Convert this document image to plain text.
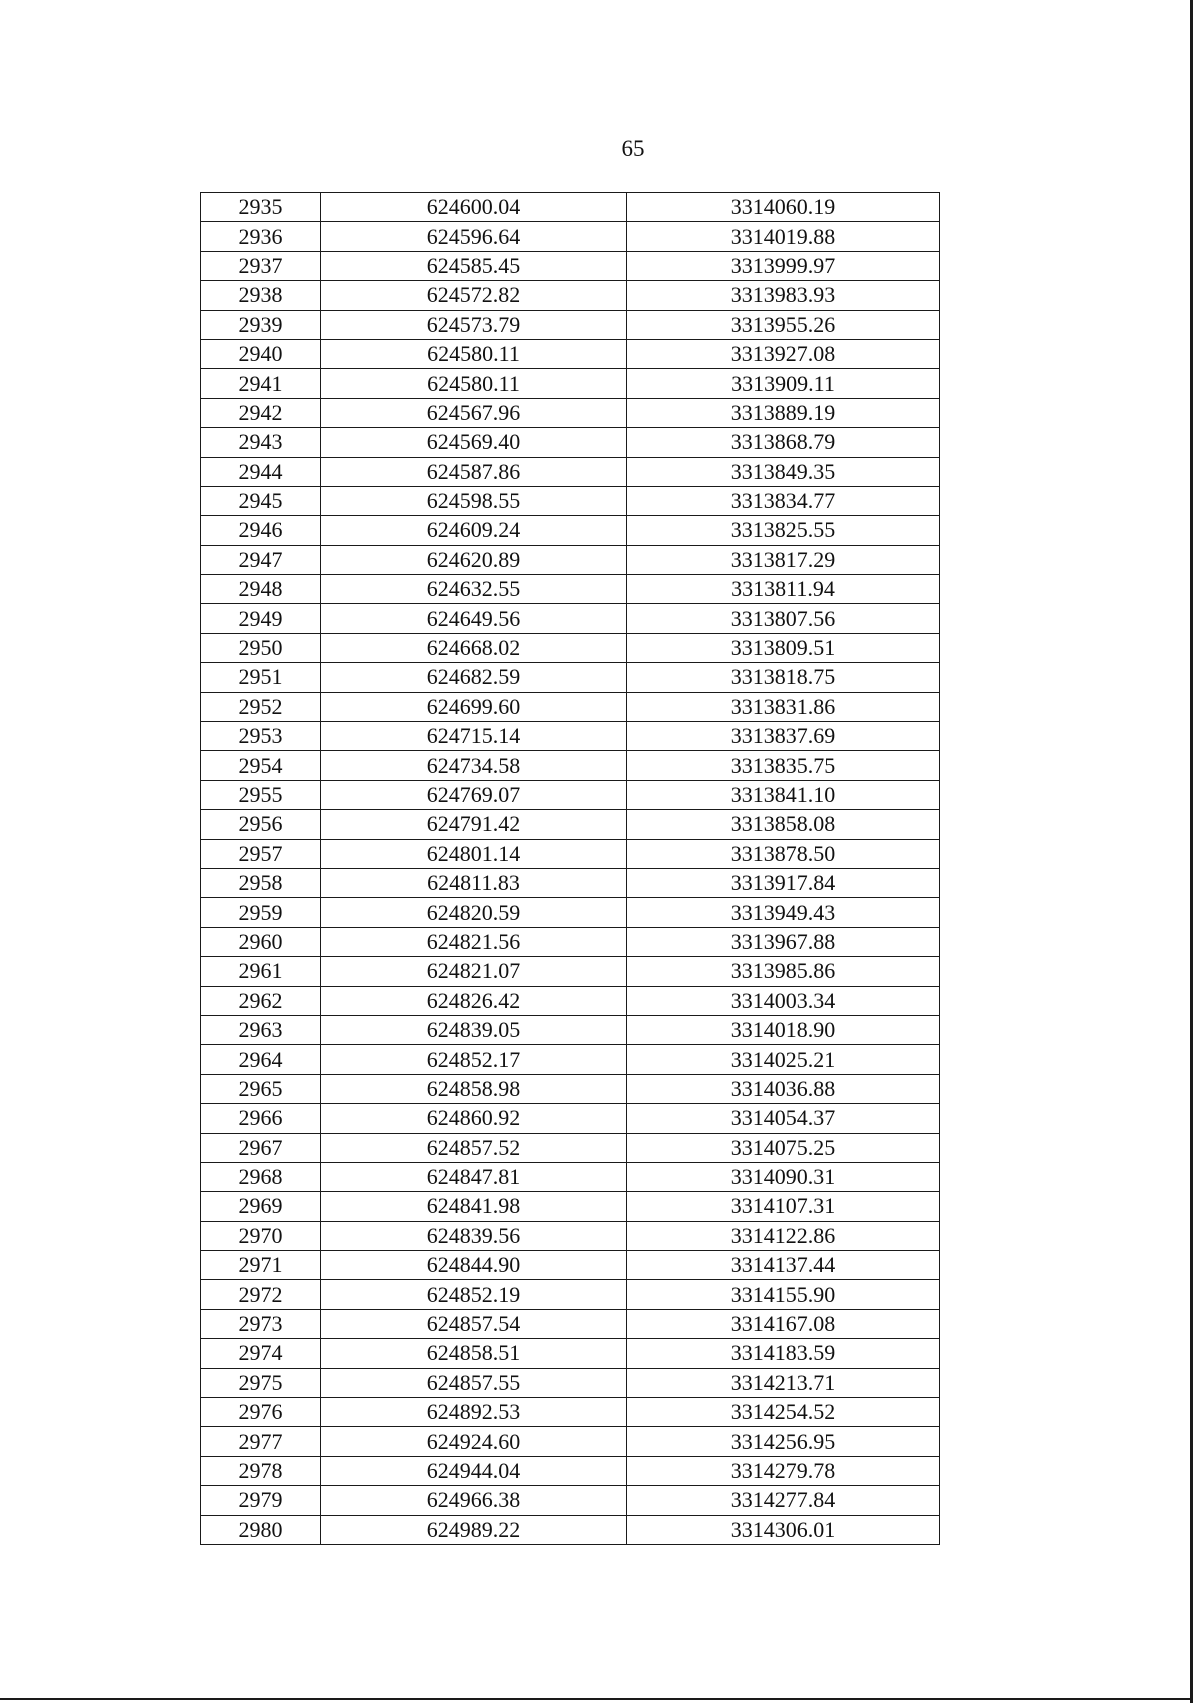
65
2935	624600.04	3314060.19
2936	624596.64	3314019.88
2937	624585.45	3313999.97
2938	624572.82	3313983.93
2939	624573.79	3313955.26
2940	624580.11	3313927.08
2941	624580.11	3313909.11
2942	624567.96	3313889.19
2943	624569.40	3313868.79
2944	624587.86	3313849.35
2945	624598.55	3313834.77
2946	624609.24	3313825.55
2947	624620.89	3313817.29
2948	624632.55	3313811.94
2949	624649.56	3313807.56
2950	624668.02	3313809.51
2951	624682.59	3313818.75
2952	624699.60	3313831.86
2953	624715.14	3313837.69
2954	624734.58	3313835.75
2955	624769.07	3313841.10
2956	624791.42	3313858.08
2957	624801.14	3313878.50
2958	624811.83	3313917.84
2959	624820.59	3313949.43
2960	624821.56	3313967.88
2961	624821.07	3313985.86
2962	624826.42	3314003.34
2963	624839.05	3314018.90
2964	624852.17	3314025.21
2965	624858.98	3314036.88
2966	624860.92	3314054.37
2967	624857.52	3314075.25
2968	624847.81	3314090.31
2969	624841.98	3314107.31
2970	624839.56	3314122.86
2971	624844.90	3314137.44
2972	624852.19	3314155.90
2973	624857.54	3314167.08
2974	624858.51	3314183.59
2975	624857.55	3314213.71
2976	624892.53	3314254.52
2977	624924.60	3314256.95
2978	624944.04	3314279.78
2979	624966.38	3314277.84
2980	624989.22	3314306.01
